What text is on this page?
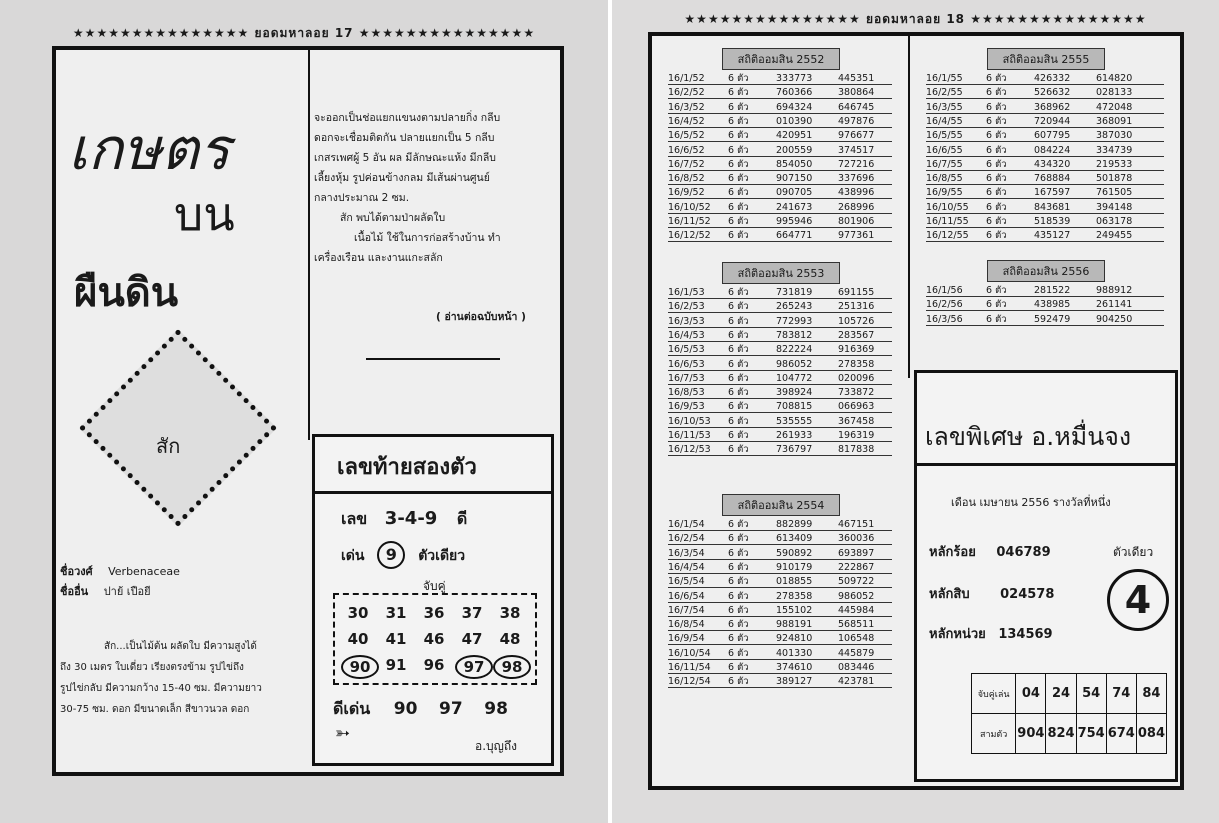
★★★★★★★★★★★★★★★ ยอดมหาลอย 17 ★★★★★★★★★★★★★★★
เกษตร
บน
ผืนดิน
จะออกเป็นช่อแยกแขนงตามปลายกิ่ง กลีบ
ดอกจะเชื่อมติดกัน ปลายแยกเป็น 5 กลีบ
เกสรเพศผู้ 5 อัน ผล มีลักษณะแห้ง มีกลีบ
เลี้ยงหุ้ม รูปค่อนข้างกลม มีเส้นผ่านศูนย์
กลางประมาณ 2 ซม.
สัก พบได้ตามป่าผลัดใบ
เนื้อไม้ ใช้ในการก่อสร้างบ้าน ทำ
เครื่องเรือน และงานแกะสลัก
( อ่านต่อฉบับหน้า )
สัก
ชื่อวงศ์ Verbenaceae
ชื่ออื่น ปาย้ เปือยี
สัก...เป็นไม้ต้น ผลัดใบ มีความสูงได้
ถึง 30 เมตร ใบเดี่ยว เรียงตรงข้าม รูปไข่ถึง
รูปไข่กลับ มีความกว้าง 15-40 ซม. มีความยาว
30-75 ซม. ดอก มีขนาดเล็ก สีขาวนวล ดอก
เลขท้ายสองตัว
เลข 3-4-9 ดี
เด่น 9 ตัวเดียว
จับคู่
30	31	36	37	38
40	41	46	47	48
90	91	96	97	98
ดีเด่น 90 97 98
➳
อ.บุญถึง
★★★★★★★★★★★★★★★ ยอดมหาลอย 18 ★★★★★★★★★★★★★★★
สถิติออมสิน 2552
16/1/52 6 ตัว	333773	445351
16/2/52 6 ตัว	760366	380864
16/3/52 6 ตัว	694324	646745
16/4/52 6 ตัว	010390	497876
16/5/52 6 ตัว	420951	976677
16/6/52 6 ตัว	200559	374517
16/7/52 6 ตัว	854050	727216
16/8/52 6 ตัว	907150	337696
16/9/52 6 ตัว	090705	438996
16/10/52 6 ตัว	241673	268996
16/11/52 6 ตัว	995946	801906
16/12/52 6 ตัว	664771	977361
สถิติออมสิน 2553
16/1/53 6 ตัว	731819	691155
16/2/53 6 ตัว	265243	251316
16/3/53 6 ตัว	772993	105726
16/4/53 6 ตัว	783812	283567
16/5/53 6 ตัว	822224	916369
16/6/53 6 ตัว	986052	278358
16/7/53 6 ตัว	104772	020096
16/8/53 6 ตัว	398924	733872
16/9/53 6 ตัว	708815	066963
16/10/53 6 ตัว	535555	367458
16/11/53 6 ตัว	261933	196319
16/12/53 6 ตัว	736797	817838
สถิติออมสิน 2554
16/1/54 6 ตัว	882899	467151
16/2/54 6 ตัว	613409	360036
16/3/54 6 ตัว	590892	693897
16/4/54 6 ตัว	910179	222867
16/5/54 6 ตัว	018855	509722
16/6/54 6 ตัว	278358	986052
16/7/54 6 ตัว	155102	445984
16/8/54 6 ตัว	988191	568511
16/9/54 6 ตัว	924810	106548
16/10/54 6 ตัว	401330	445879
16/11/54 6 ตัว	374610	083446
16/12/54 6 ตัว	389127	423781
สถิติออมสิน 2555
16/1/55 6 ตัว	426332	614820
16/2/55 6 ตัว	526632	028133
16/3/55 6 ตัว	368962	472048
16/4/55 6 ตัว	720944	368091
16/5/55 6 ตัว	607795	387030
16/6/55 6 ตัว	084224	334739
16/7/55 6 ตัว	434320	219533
16/8/55 6 ตัว	768884	501878
16/9/55 6 ตัว	167597	761505
16/10/55 6 ตัว	843681	394148
16/11/55 6 ตัว	518539	063178
16/12/55 6 ตัว	435127	249455
สถิติออมสิน 2556
16/1/56 6 ตัว	281522	988912
16/2/56 6 ตัว	438985	261141
16/3/56 6 ตัว	592479	904250
เลขพิเศษ อ.หมื่นจง
เดือน เมษายน 2556 รางวัลที่หนึ่ง
หลักร้อย 046789	ตัวเดียว
หลักสิบ 024578	4
หลักหน่วย 134569
จับคู่เล่น	04	24	54	74	84
สามตัว	904	824	754	674	084
